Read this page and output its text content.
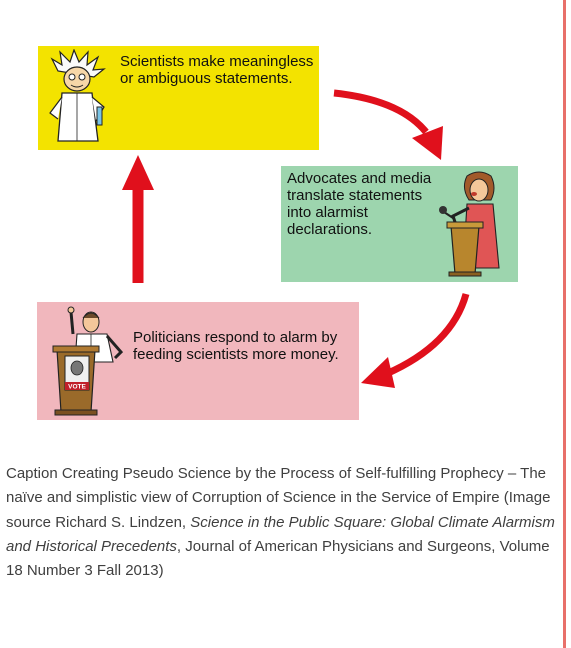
Scientists make meaningless or ambiguous statements.
Advocates and media translate statements into alarmist declarations.
VOTE
Politicians respond to alarm by feeding scientists more money.
Caption Creating Pseudo Science by the Process of Self-fulfilling Prophecy – The naïve and simplistic view of Corruption of Science in the Service of Empire (Image source Richard S. Lindzen, Science in the Public Square: Global Climate Alarmism and Historical Precedents, Journal of American Physicians and Surgeons, Volume 18 Number 3 Fall 2013)
